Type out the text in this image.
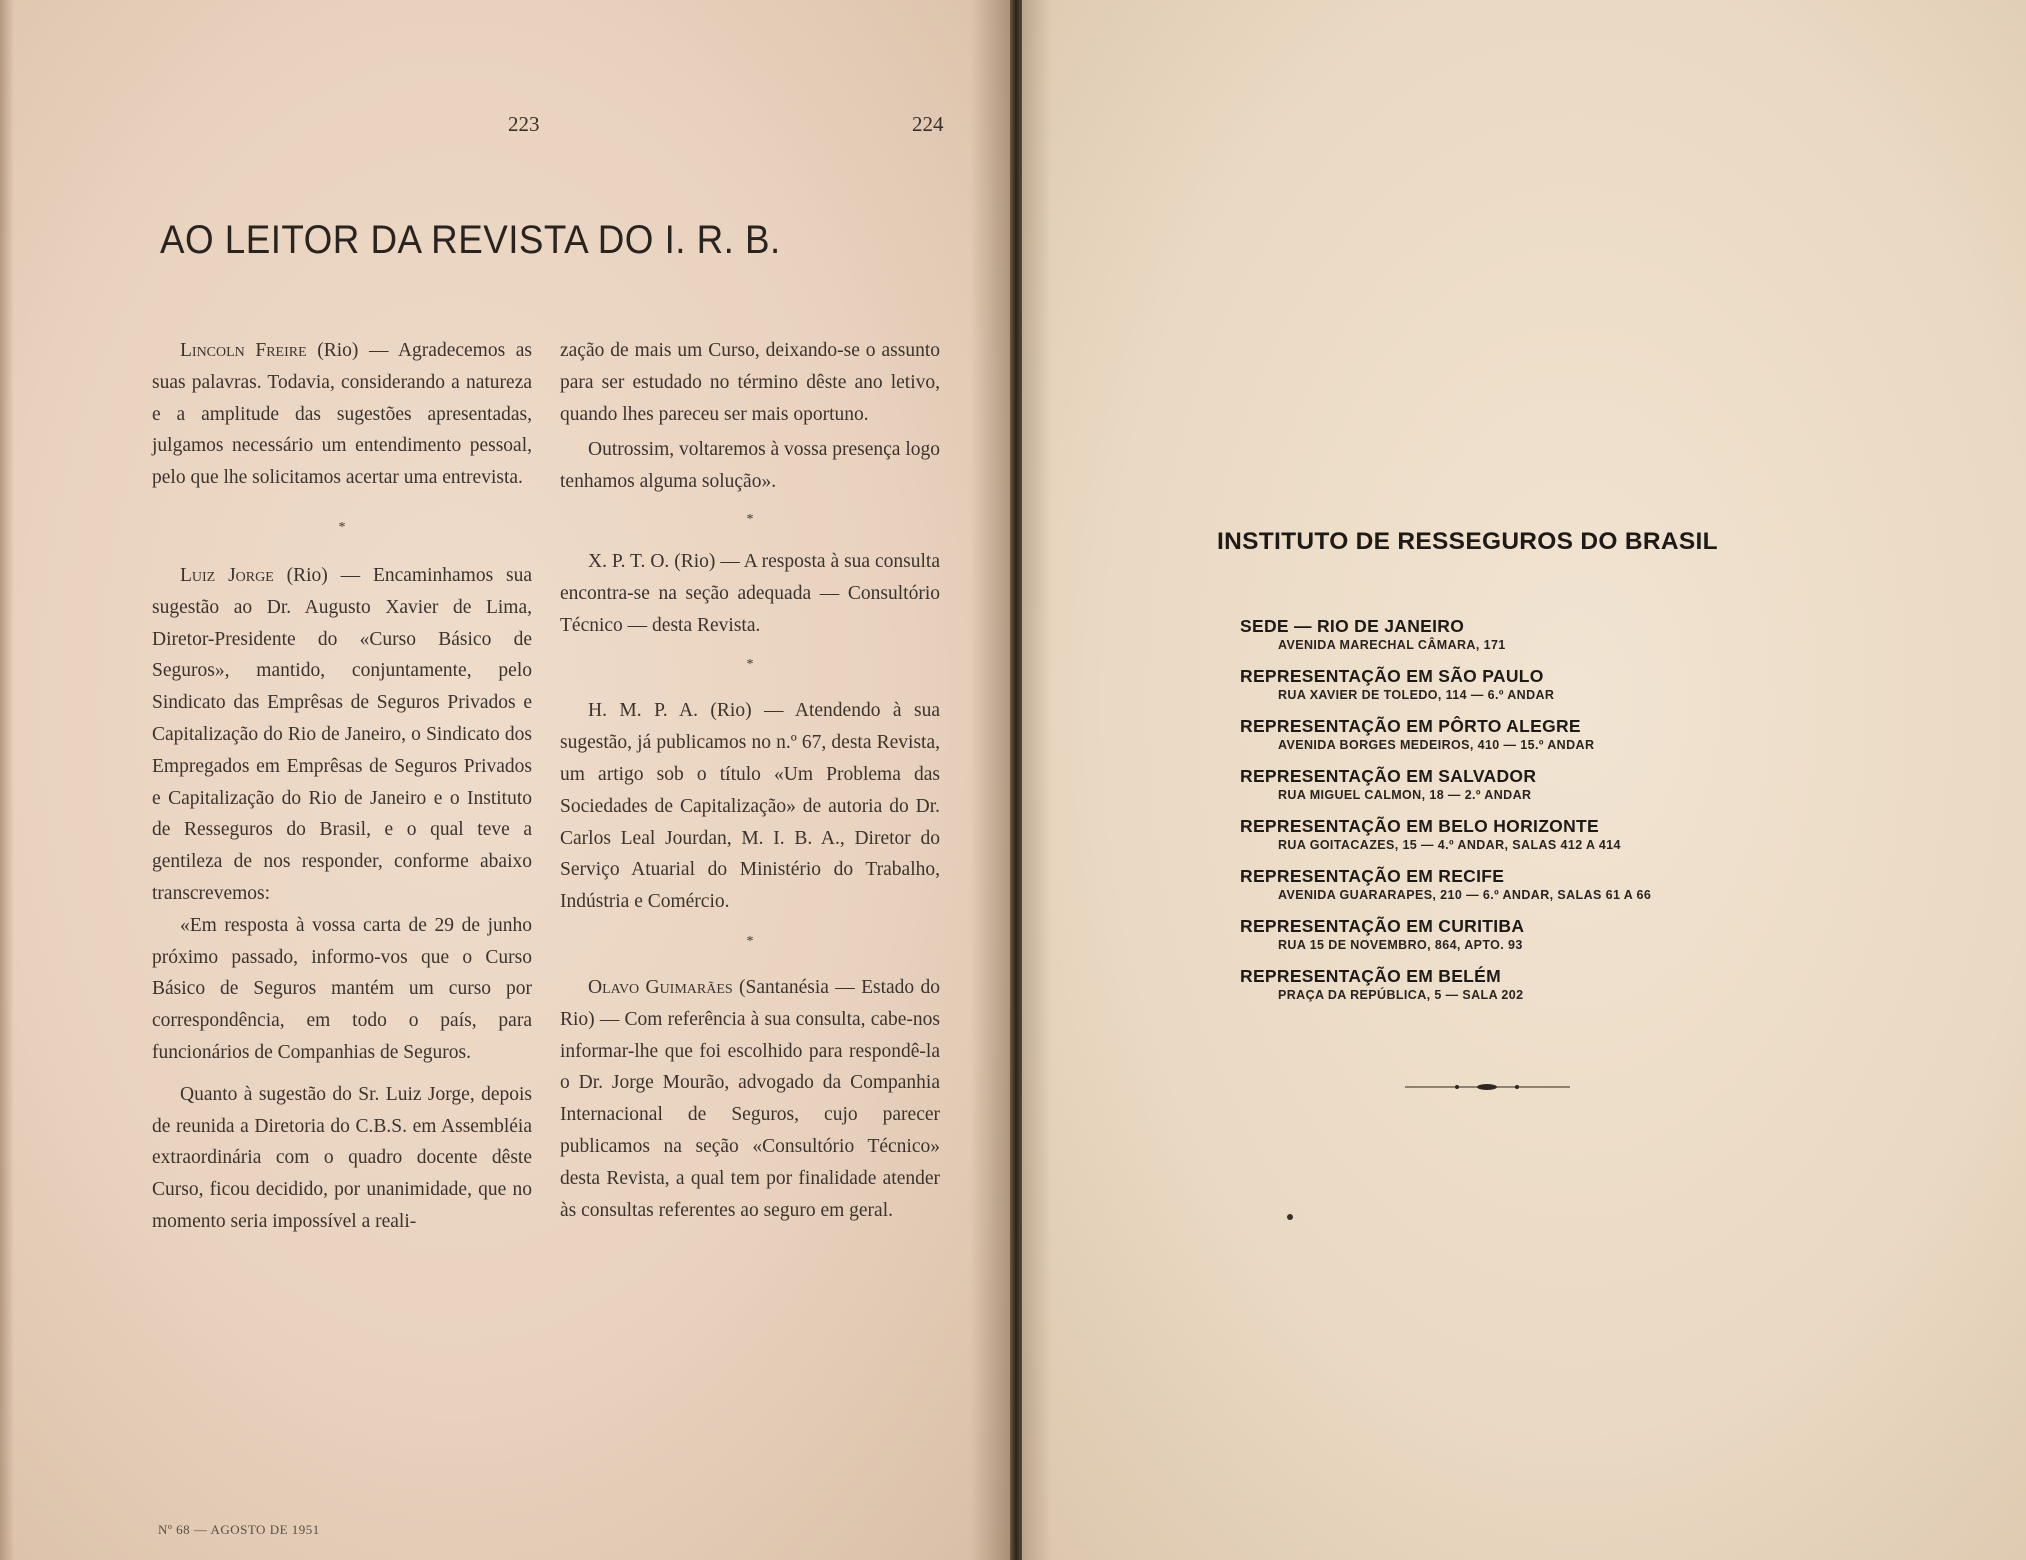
223	224
AO LEITOR DA REVISTA DO I. R. B.

Lincoln Freire (Rio) — Agradecemos as suas palavras. Todavia, considerando a natureza e a amplitude das sugestões apresentadas, julgamos necessário um entendimento pessoal, pelo que lhe solicitamos acertar uma entrevista.

*

Luiz Jorge (Rio) — Encaminhamos sua sugestão ao Dr. Augusto Xavier de Lima, Diretor-Presidente do «Curso Básico de Seguros», mantido, conjuntamente, pelo Sindicato das Emprêsas de Seguros Privados e Capitalização do Rio de Janeiro, o Sindicato dos Empregados em Emprêsas de Seguros Privados e Capitalização do Rio de Janeiro e o Instituto de Resseguros do Brasil, e o qual teve a gentileza de nos responder, conforme abaixo transcrevemos:

«Em resposta à vossa carta de 29 de junho próximo passado, informo-vos que o Curso Básico de Seguros mantém um curso por correspondência, em todo o país, para funcionários de Companhias de Seguros.

Quanto à sugestão do Sr. Luiz Jorge, depois de reunida a Diretoria do C.B.S. em Assembléia extraordinária com o quadro docente dêste Curso, ficou decidido, por unanimidade, que no momento seria impossível a reali-

zação de mais um Curso, deixando-se o assunto para ser estudado no término dêste ano letivo, quando lhes pareceu ser mais oportuno.

Outrossim, voltaremos à vossa presença logo tenhamos alguma solução».

*

X. P. T. O. (Rio) — A resposta à sua consulta encontra-se na seção adequada — Consultório Técnico — desta Revista.

*

H. M. P. A. (Rio) — Atendendo à sua sugestão, já publicamos no n.º 67, desta Revista, um artigo sob o título «Um Problema das Sociedades de Capitalização» de autoria do Dr. Carlos Leal Jourdan, M. I. B. A., Diretor do Serviço Atuarial do Ministério do Trabalho, Indústria e Comércio.

*

Olavo Guimarães (Santanésia — Estado do Rio) — Com referência à sua consulta, cabe-nos informar-lhe que foi escolhido para respondê-la o Dr. Jorge Mourão, advogado da Companhia Internacional de Seguros, cujo parecer publicamos na seção «Consultório Técnico» desta Revista, a qual tem por finalidade atender às consultas referentes ao seguro em geral.

Nº 68 — AGOSTO DE 1951
INSTITUTO DE RESSEGUROS DO BRASIL
SEDE — RIO DE JANEIRO
AVENIDA MARECHAL CÂMARA, 171
REPRESENTAÇÃO EM SÃO PAULO
RUA XAVIER DE TOLEDO, 114 — 6.º ANDAR
REPRESENTAÇÃO EM PÔRTO ALEGRE
AVENIDA BORGES MEDEIROS, 410 — 15.º ANDAR
REPRESENTAÇÃO EM SALVADOR
RUA MIGUEL CALMON, 18 — 2.º ANDAR
REPRESENTAÇÃO EM BELO HORIZONTE
RUA GOITACAZES, 15 — 4.º ANDAR, SALAS 412 A 414
REPRESENTAÇÃO EM RECIFE
AVENIDA GUARARAPES, 210 — 6.º ANDAR, SALAS 61 A 66
REPRESENTAÇÃO EM CURITIBA
RUA 15 DE NOVEMBRO, 864, APTO. 93
REPRESENTAÇÃO EM BELÉM
PRAÇA DA REPÚBLICA, 5 — SALA 202
